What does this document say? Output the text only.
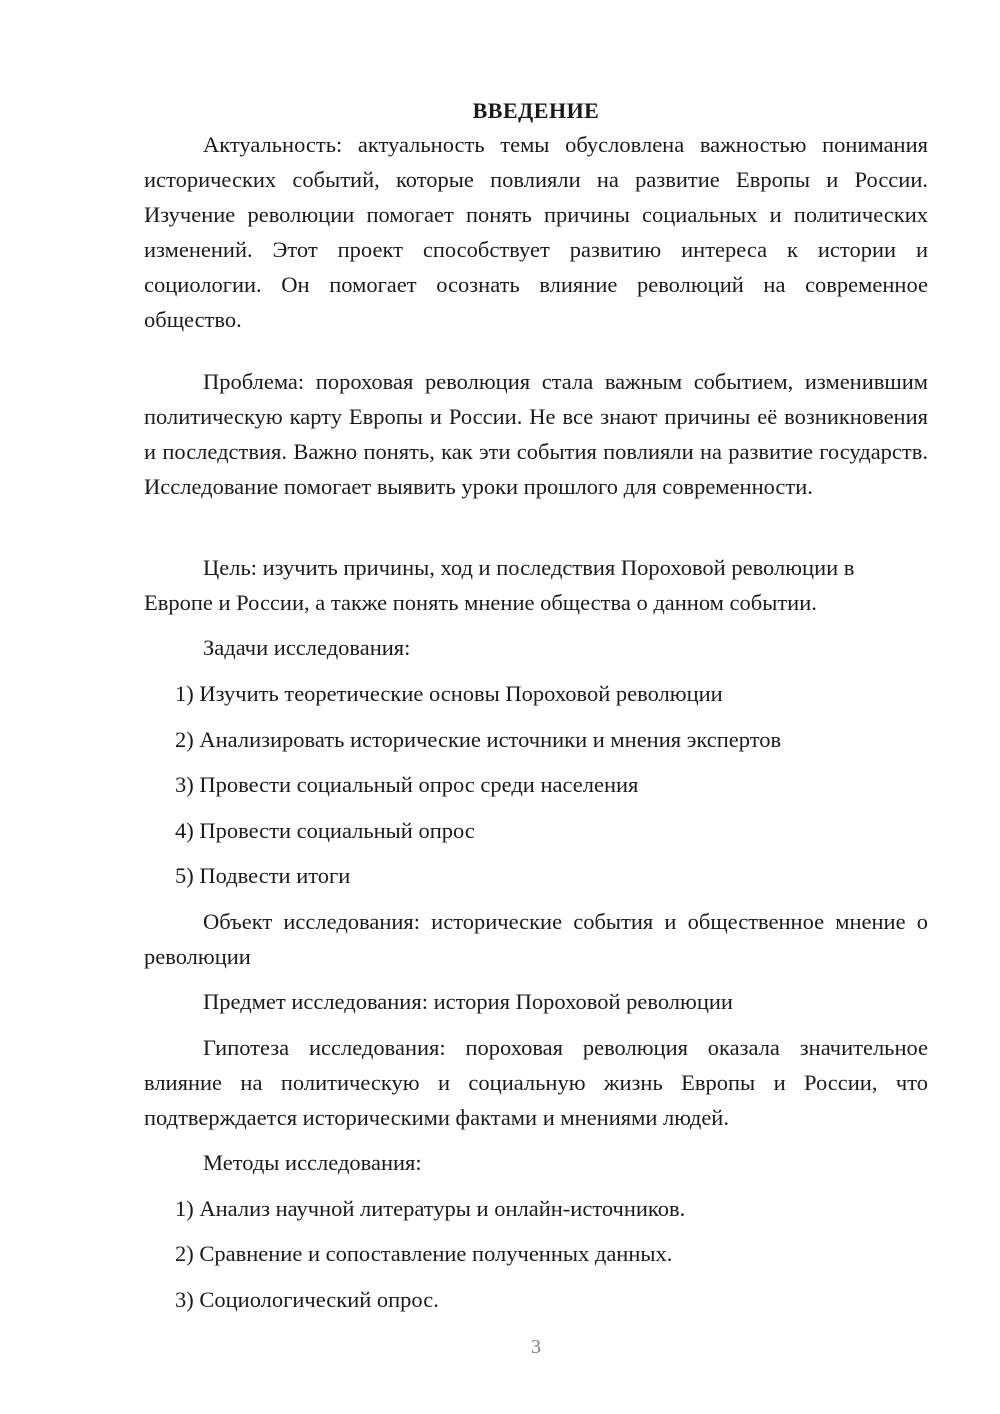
ВВЕДЕНИЕ

Актуальность: актуальность темы обусловлена важностью понимания исторических событий, которые повлияли на развитие Европы и России. Изучение революции помогает понять причины социальных и политических изменений. Этот проект способствует развитию интереса к истории и социологии. Он помогает осознать влияние революций на современное общество.

Проблема: пороховая революция стала важным событием, изменившим политическую карту Европы и России. Не все знают причины её возникновения и последствия. Важно понять, как эти события повлияли на развитие государств. Исследование помогает выявить уроки прошлого для современности.

Цель: изучить причины, ход и последствия Пороховой революции в Европе и России, а также понять мнение общества о данном событии.

Задачи исследования:

1) Изучить теоретические основы Пороховой революции
2) Анализировать исторические источники и мнения экспертов
3) Провести социальный опрос среди населения
4) Провести социальный опрос
5) Подвести итоги

Объект исследования: исторические события и общественное мнение о революции

Предмет исследования: история Пороховой революции

Гипотеза исследования: пороховая революция оказала значительное влияние на политическую и социальную жизнь Европы и России, что подтверждается историческими фактами и мнениями людей.

Методы исследования:

1) Анализ научной литературы и онлайн-источников.
2) Сравнение и сопоставление полученных данных.
3) Социологический опрос.
3
